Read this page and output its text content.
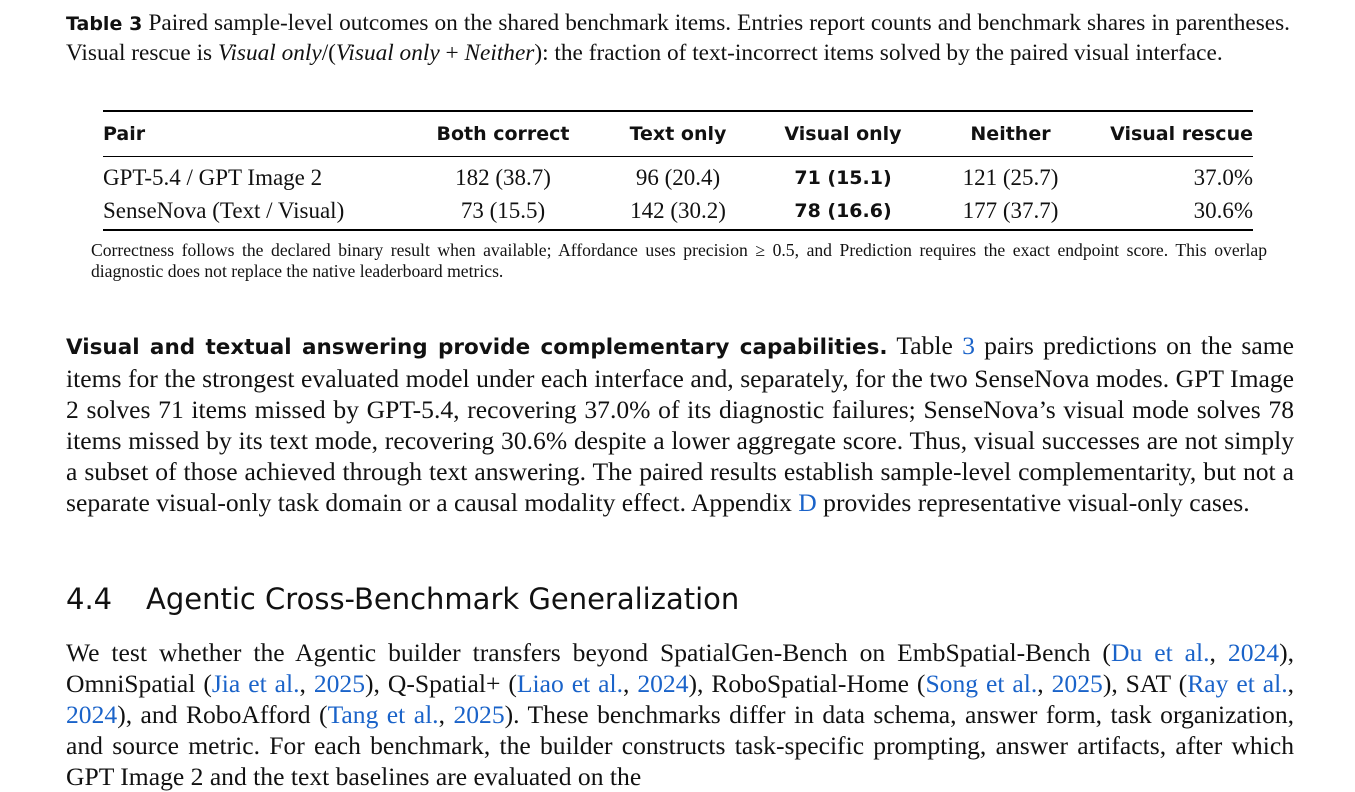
Table 3 Paired sample-level outcomes on the shared benchmark items. Entries report counts and benchmark shares in parentheses. Visual rescue is Visual only/(Visual only + Neither): the fraction of text-incorrect items solved by the paired visual interface.
Pair	Both correct	Text only	Visual only	Neither	Visual rescue
GPT-5.4 / GPT Image 2	182 (38.7)	96 (20.4)	71 (15.1)	121 (25.7)	37.0%
SenseNova (Text / Visual)	73 (15.5)	142 (30.2)	78 (16.6)	177 (37.7)	30.6%
Correctness follows the declared binary result when available; Affordance uses precision ≥ 0.5, and Prediction requires the exact endpoint score. This overlap diagnostic does not replace the native leaderboard metrics.
Visual and textual answering provide complementary capabilities. Table 3 pairs predictions on the same items for the strongest evaluated model under each interface and, separately, for the two SenseNova modes. GPT Image 2 solves 71 items missed by GPT-5.4, recovering 37.0% of its diagnostic failures; SenseNova’s visual mode solves 78 items missed by its text mode, recovering 30.6% despite a lower aggregate score. Thus, visual successes are not simply a subset of those achieved through text answering. The paired results establish sample-level complementarity, but not a separate visual-only task domain or a causal modality effect. Appendix D provides representative visual-only cases.
4.4 Agentic Cross-Benchmark Generalization
We test whether the Agentic builder transfers beyond SpatialGen-Bench on EmbSpatial-Bench (Du et al., 2024), OmniSpatial (Jia et al., 2025), Q-Spatial+ (Liao et al., 2024), RoboSpatial-Home (Song et al., 2025), SAT (Ray et al., 2024), and RoboAfford (Tang et al., 2025). These benchmarks differ in data schema, answer form, task organization, and source metric. For each benchmark, the builder constructs task-specific prompting, answer artifacts, after which GPT Image 2 and the text baselines are evaluated on the
